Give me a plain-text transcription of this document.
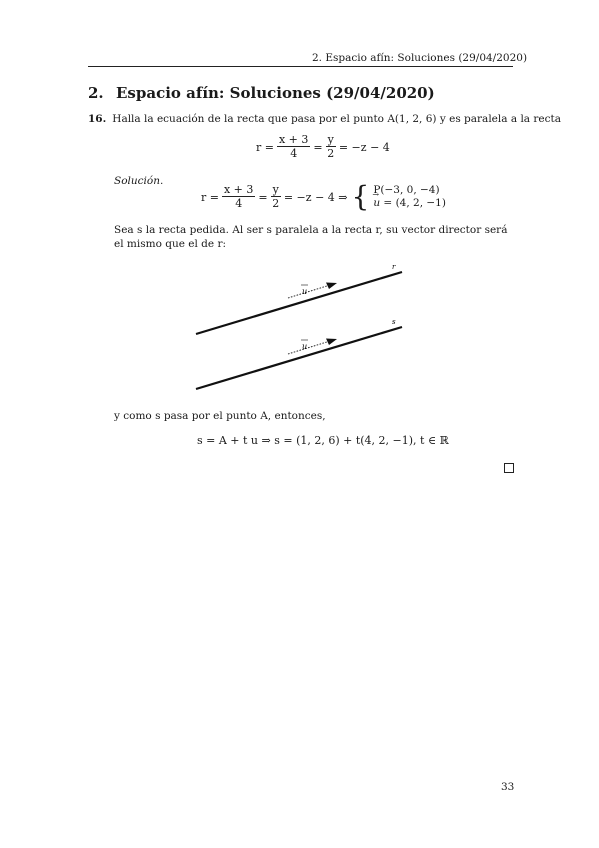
2. Espacio afín: Soluciones (29/04/2020)
2. Espacio afín: Soluciones (29/04/2020)
16. Halla la ecuación de la recta que pasa por el punto A(1, 2, 6) y es paralela a la recta
$r = \frac{x + 3}{4} = \frac{y}{2} = -z - 4$
Solución.
$r = \frac{x + 3}{4} = \frac{y}{2} = -z - 4$ ⇒ { P(−3, 0, −4)
→ u = (4, 2, −1)
Sea s la recta pedida. Al ser s paralela a la recta r, su vector director será el mismo que el de r:
r
u
s
u
y como s pasa por el punto A, entonces,
s = A + t u ⇒ s = (1, 2, 6) + t(4, 2, −1), t ∈ ℝ
33
